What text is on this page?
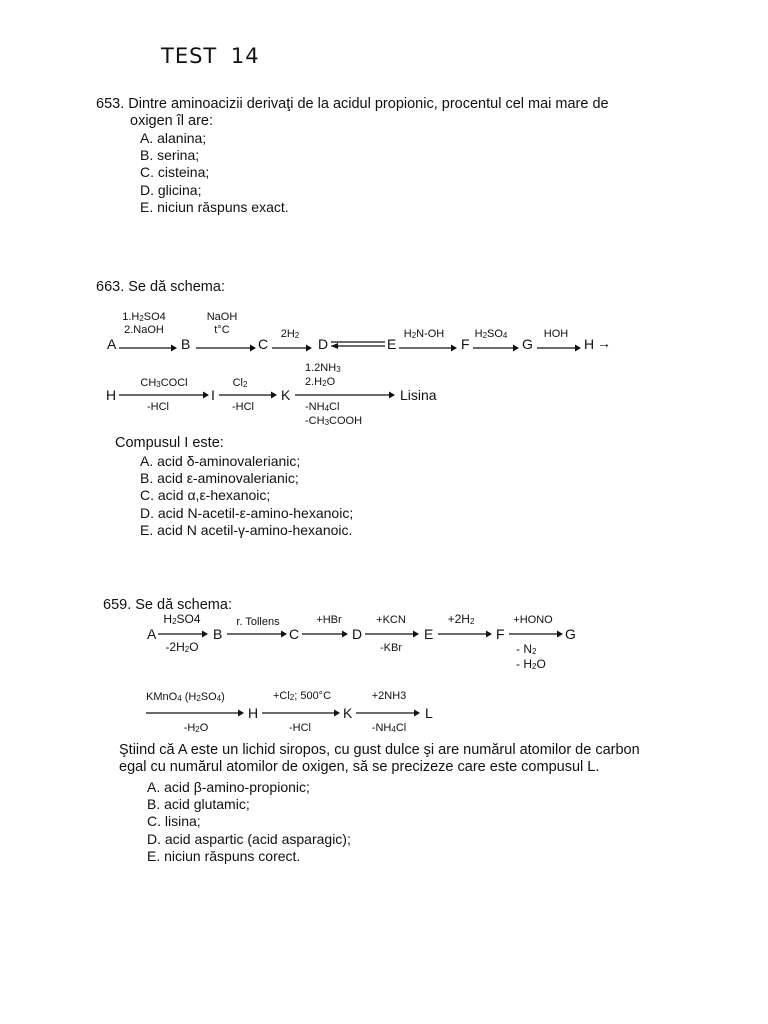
TEST 14
653. Dintre aminoacizii derivaţi de la acidul propionic, procentul cel mai mare de
oxigen îl are:
A. alanina;
B. serina;
C. cisteina;
D. glicina;
E. niciun răspuns exact.
663. Se dă schema:
A
$1.H_2SO4$
2.NaOH
B
NaOH
t°C
C
$2H_2$
D	E
$H_2N-OH$
F
$H_2SO_4$
G
HOH
H →
H
$CH_3COCl$
-HCl
I
$Cl_2$
-HCl
K
$1.2NH_3$
$2.H_2O$
$-NH_4Cl$
$-CH_3COOH$
Lisina
Compusul I este:
A. acid δ-aminovalerianic;
B. acid ε-aminovalerianic;
C. acid α,ε-hexanoic;
D. acid N-acetil-ε-amino-hexanoic;
E. acid N acetil-γ-amino-hexanoic.
659. Se dă schema:
A
$H_2SO4$
$-2H_2O$
B
r. Tollens
C
+HBr
D
+KCN
-KBr
E
$+2H_2$
F
+HONO
- $N_2$
- $H_2O$
G
KMnO$_4$ $(H_2SO_4)$
$-H_2O$
H
$+Cl_2$; 500°C
-HCl
K
+2NH3
$-NH_4Cl$
L
Ştiind că A este un lichid siropos, cu gust dulce şi are numărul atomilor de carbon
egal cu numărul atomilor de oxigen, să se precizeze care este compusul L.
A. acid β-amino-propionic;
B. acid glutamic;
C. lisina;
D. acid aspartic (acid asparagic);
E. niciun răspuns corect.
